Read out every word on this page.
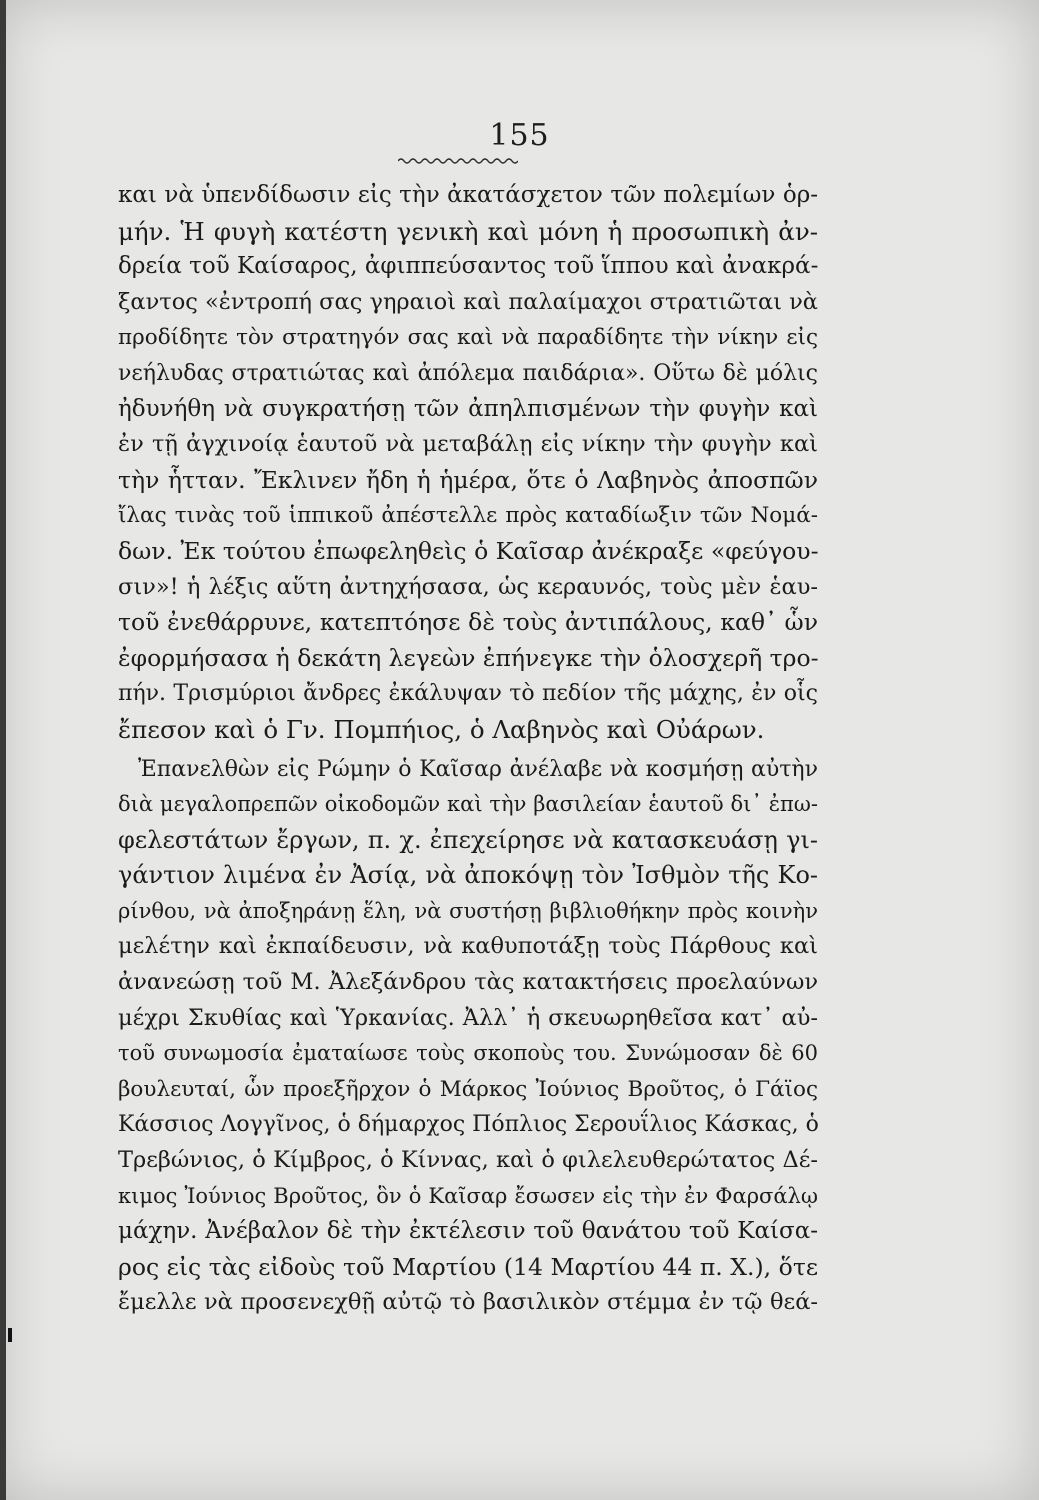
155
και νὰ ὑπενδίδωσιν εἰς τὴν ἀκατάσχετον τῶν πολεμίων ὁρ-
μήν. Ἡ φυγὴ κατέστη γενικὴ καὶ μόνη ἡ προσωπικὴ ἀν-
δρεία τοῦ Καίσαρος, ἀφιππεύσαντος τοῦ ἵππου καὶ ἀνακρά-
ξαντος «ἐντροπή σας γηραιοὶ καὶ παλαίμαχοι στρατιῶται νὰ
προδίδητε τὸν στρατηγόν σας καὶ νὰ παραδίδητε τὴν νίκην εἰς
νεήλυδας στρατιώτας καὶ ἀπόλεμα παιδάρια». Οὕτω δὲ μόλις
ἠδυνήθη νὰ συγκρατήσῃ τῶν ἀπηλπισμένων τὴν φυγὴν καὶ
ἐν τῇ ἀγχινοίᾳ ἑαυτοῦ νὰ μεταβάλῃ εἰς νίκην τὴν φυγὴν καὶ
τὴν ἧτταν. Ἔκλινεν ἤδη ἡ ἡμέρα, ὅτε ὁ Λαβηνὸς ἀποσπῶν
ἴλας τινὰς τοῦ ἱππικοῦ ἀπέστελλε πρὸς καταδίωξιν τῶν Νομά-
δων. Ἐκ τούτου ἐπωφεληθεὶς ὁ Καῖσαρ ἀνέκραξε «φεύγου-
σιν»! ἡ λέξις αὕτη ἀντηχήσασα, ὡς κεραυνός, τοὺς μὲν ἑαυ-
τοῦ ἐνεθάρρυνε, κατεπτόησε δὲ τοὺς ἀντιπάλους, καθ᾽ ὧν
ἐφορμήσασα ἡ δεκάτη λεγεὼν ἐπήνεγκε τὴν ὁλοσχερῆ τρο-
πήν. Τρισμύριοι ἄνδρες ἐκάλυψαν τὸ πεδίον τῆς μάχης, ἐν οἷς
ἔπεσον καὶ ὁ Γν. Πομπήιος, ὁ Λαβηνὸς καὶ Οὐάρων.
Ἐπανελθὼν εἰς Ρώμην ὁ Καῖσαρ ἀνέλαβε νὰ κοσμήσῃ αὐτὴν
διὰ μεγαλοπρεπῶν οἰκοδομῶν καὶ τὴν βασιλείαν ἑαυτοῦ δι᾽ ἐπω-
φελεστάτων ἔργων, π. χ. ἐπεχείρησε νὰ κατασκευάσῃ γι-
γάντιον λιμένα ἐν Ἀσίᾳ, νὰ ἀποκόψῃ τὸν Ἰσθμὸν τῆς Κο-
ρίνθου, νὰ ἀποξηράνῃ ἕλη, νὰ συστήσῃ βιβλιοθήκην πρὸς κοινὴν
μελέτην καὶ ἐκπαίδευσιν, νὰ καθυποτάξῃ τοὺς Πάρθους καὶ
ἀνανεώσῃ τοῦ Μ. Ἀλεξάνδρου τὰς κατακτήσεις προελαύνων
μέχρι Σκυθίας καὶ Ὑρκανίας. Ἀλλ᾽ ἡ σκευωρηθεῖσα κατ᾽ αὐ-
τοῦ συνωμοσία ἐματαίωσε τοὺς σκοποὺς του. Συνώμοσαν δὲ 60
βουλευταί, ὧν προεξῆρχον ὁ Μάρκος Ἰούνιος Βροῦτος, ὁ Γάϊος
Κάσσιος Λογγῖνος, ὁ δήμαρχος Πόπλιος Σερουΐλιος Κάσκας, ὁ
Τρεβώνιος, ὁ Κίμβρος, ὁ Κίννας, καὶ ὁ φιλελευθερώτατος Δέ-
κιμος Ἰούνιος Βροῦτος, ὃν ὁ Καῖσαρ ἔσωσεν εἰς τὴν ἐν Φαρσάλῳ
μάχην. Ἀνέβαλον δὲ τὴν ἐκτέλεσιν τοῦ θανάτου τοῦ Καίσα-
ρος εἰς τὰς εἰδοὺς τοῦ Μαρτίου (14 Μαρτίου 44 π. Χ.), ὅτε
ἔμελλε νὰ προσενεχθῇ αὐτῷ τὸ βασιλικὸν στέμμα ἐν τῷ θεά-
